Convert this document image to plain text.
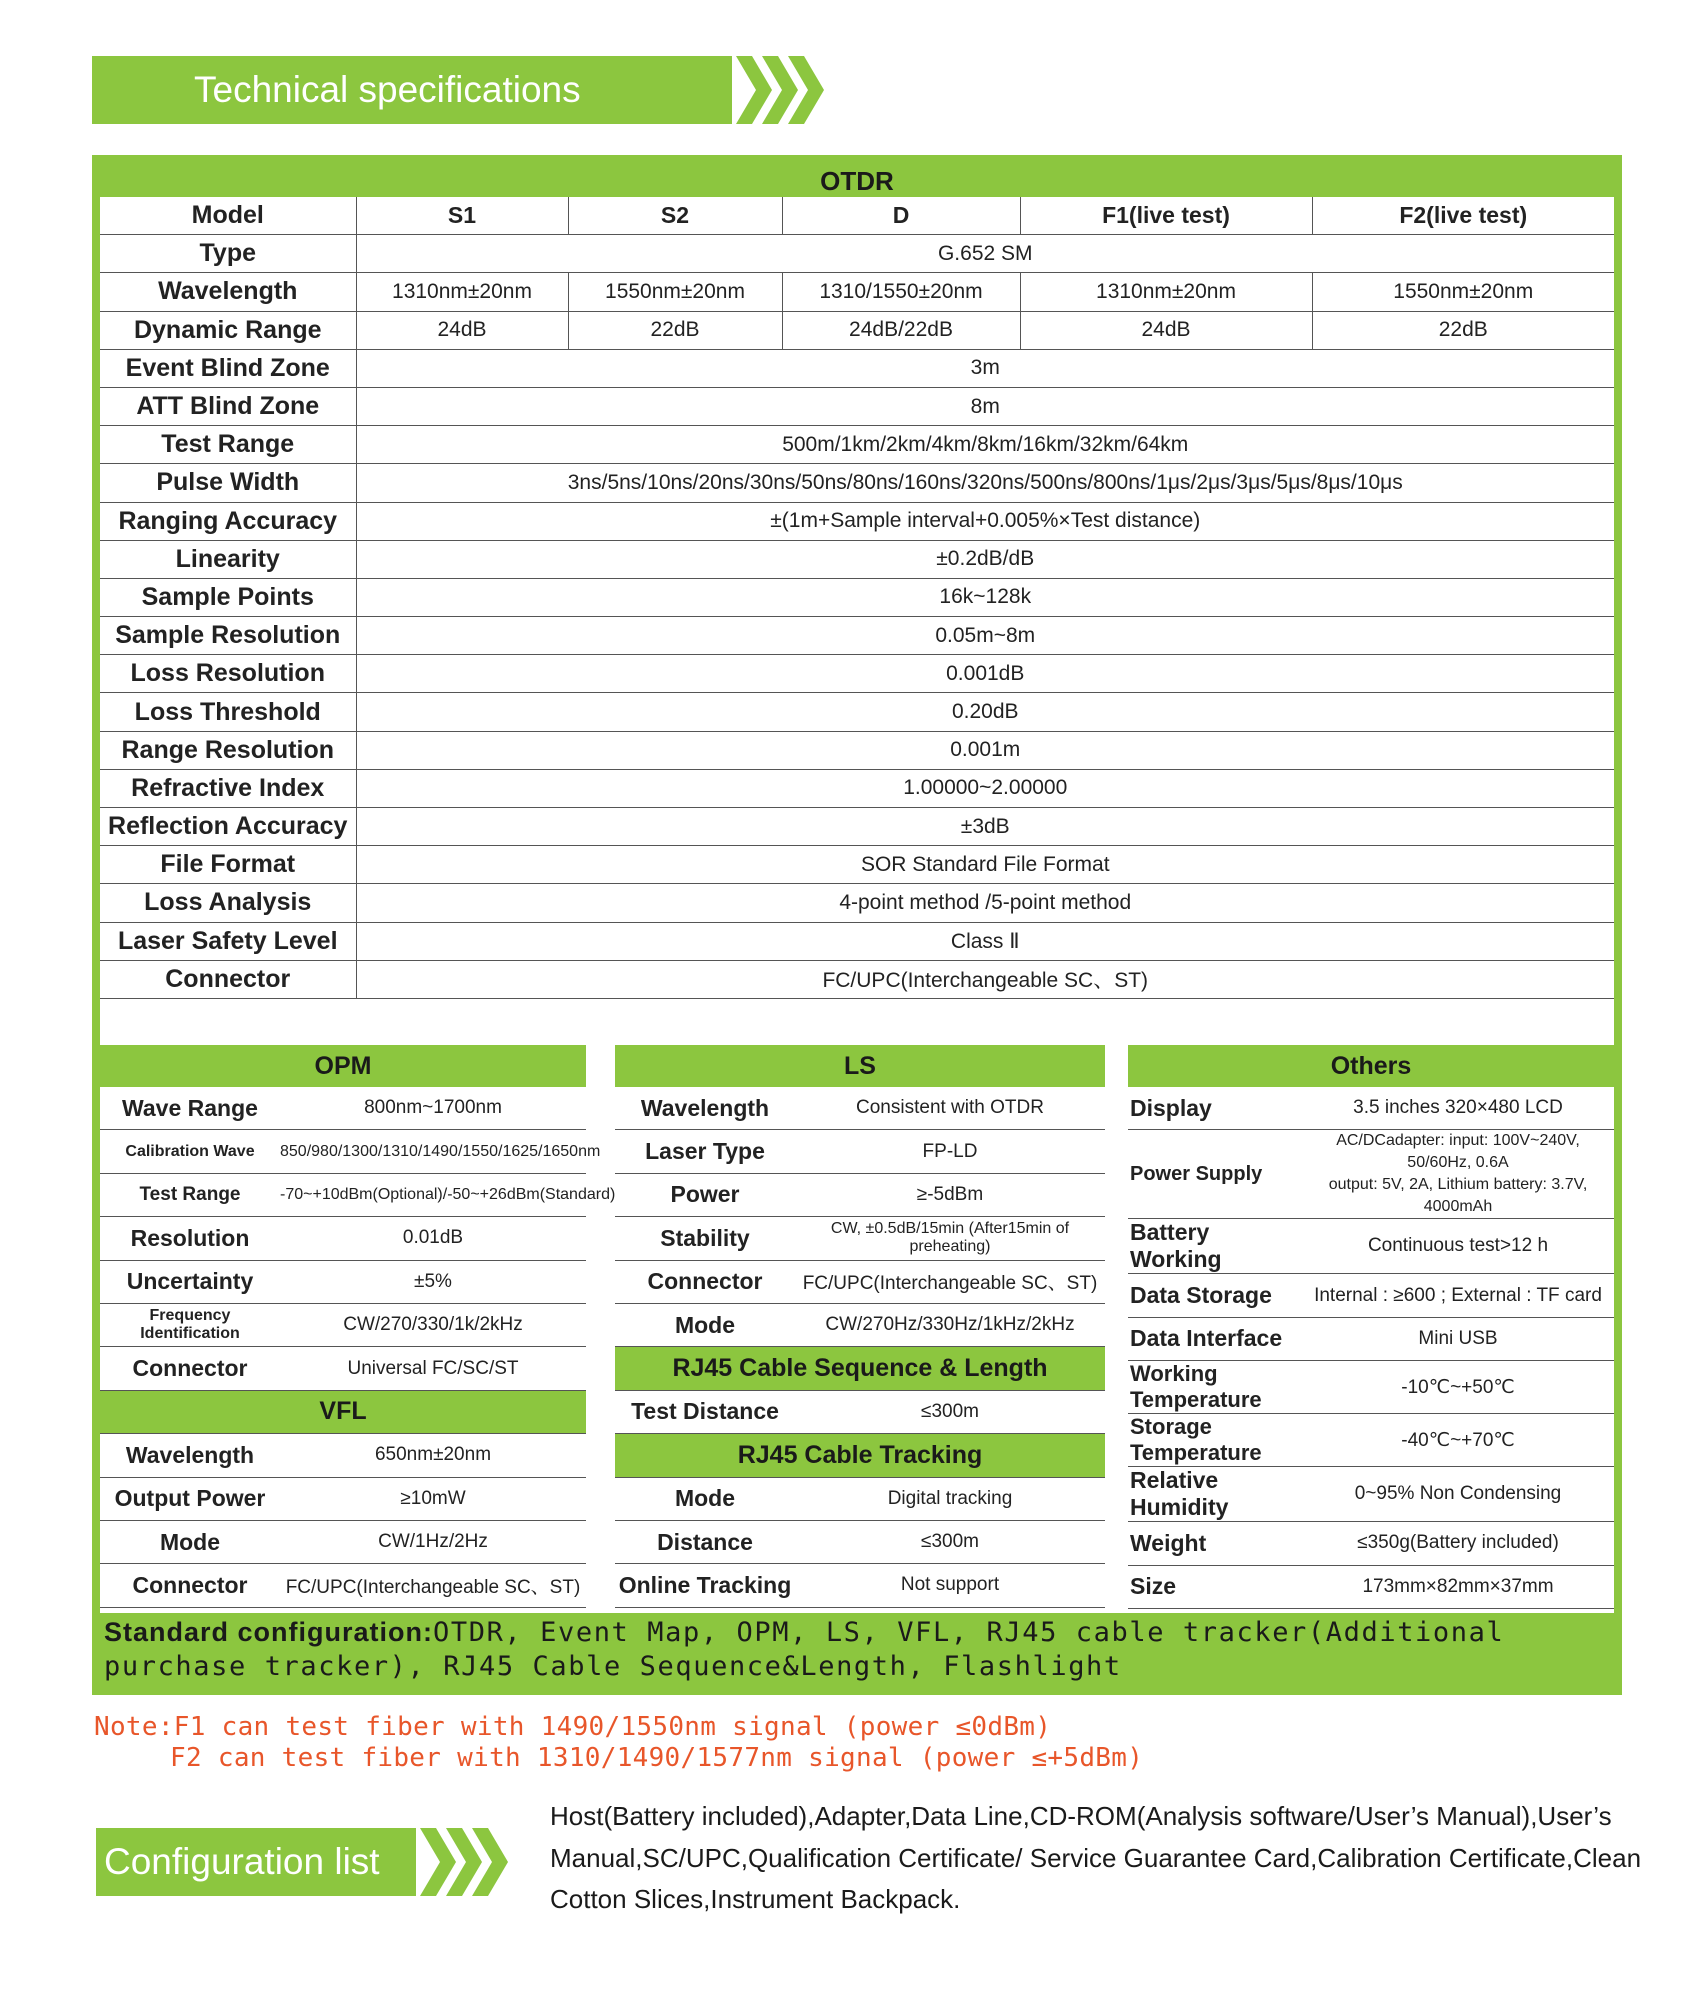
Technical specifications
OTDR
Model	S1	S2	D	F1(live test)	F2(live test)
Type	G.652 SM				
Wavelength	1310nm±20nm	1550nm±20nm	1310/1550±20nm	1310nm±20nm	1550nm±20nm
Dynamic Range	24dB	22dB	24dB/22dB	24dB	22dB
Event Blind Zone	3m				
ATT Blind Zone	8m				
Test Range	500m/1km/2km/4km/8km/16km/32km/64km				
Pulse Width	3ns/5ns/10ns/20ns/30ns/50ns/80ns/160ns/320ns/500ns/800ns/1μs/2μs/3μs/5μs/8μs/10μs				
Ranging Accuracy	±(1m+Sample interval+0.005%×Test distance)				
Linearity	±0.2dB/dB				
Sample Points	16k~128k				
Sample Resolution	0.05m~8m				
Loss Resolution	0.001dB				
Loss Threshold	0.20dB				
Range Resolution	0.001m				
Refractive Index	1.00000~2.00000				
Reflection Accuracy	±3dB				
File Format	SOR Standard File Format				
Loss Analysis	4-point method /5-point method				
Laser Safety Level	Class Ⅱ				
Connector	FC/UPC(Interchangeable SC、ST)				
OPM
Wave Range	800nm~1700nm
Calibration Wave	850/980/1300/1310/1490/1550/1625/1650nm
Test Range	-70~+10dBm(Optional)/-50~+26dBm(Standard)
Resolution	0.01dB
Uncertainty	±5%
Frequency Identification	CW/270/330/1k/2kHz
Connector	Universal FC/SC/ST
VFL	
Wavelength	650nm±20nm
Output Power	≥10mW
Mode	CW/1Hz/2Hz
Connector	FC/UPC(Interchangeable SC、ST)
LS
Wavelength	Consistent with OTDR
Laser Type	FP-LD
Power	≥-5dBm
Stability	CW, ±0.5dB/15min (After15min of preheating)
Connector	FC/UPC(Interchangeable SC、ST)
Mode	CW/270Hz/330Hz/1kHz/2kHz
RJ45 Cable Sequence & Length	
Test Distance	≤300m
RJ45 Cable Tracking	
Mode	Digital tracking
Distance	≤300m
Online Tracking	Not support
Others
Display	3.5 inches 320×480 LCD
Power Supply	AC/DCadapter: input: 100V~240V, 50/60Hz, 0.6A
output: 5V, 2A, Lithium battery: 3.7V, 4000mAh

Battery Working	Continuous test>12 h
Data Storage	Internal : ≥600 ; External : TF card
Data Interface	Mini USB
Working Temperature	-10℃~+50℃
Storage Temperature	-40℃~+70℃
Relative Humidity	0~95% Non Condensing
Weight	≤350g(Battery included)
Size	173mm×82mm×37mm
Standard configuration:OTDR, Event Map, OPM, LS, VFL, RJ45 cable tracker(Additional purchase tracker), RJ45 Cable Sequence&Length, Flashlight
Note:F1 can test fiber with 1490/1550nm signal (power ≤0dBm)
F2 can test fiber with 1310/1490/1577nm signal (power ≤+5dBm)
Configuration list
Host(Battery included),Adapter,Data Line,CD-ROM(Analysis software/User’s Manual),User’s Manual,SC/UPC,Qualification Certificate/ Service Guarantee Card,Calibration Certificate,Clean Cotton Slices,Instrument Backpack.
